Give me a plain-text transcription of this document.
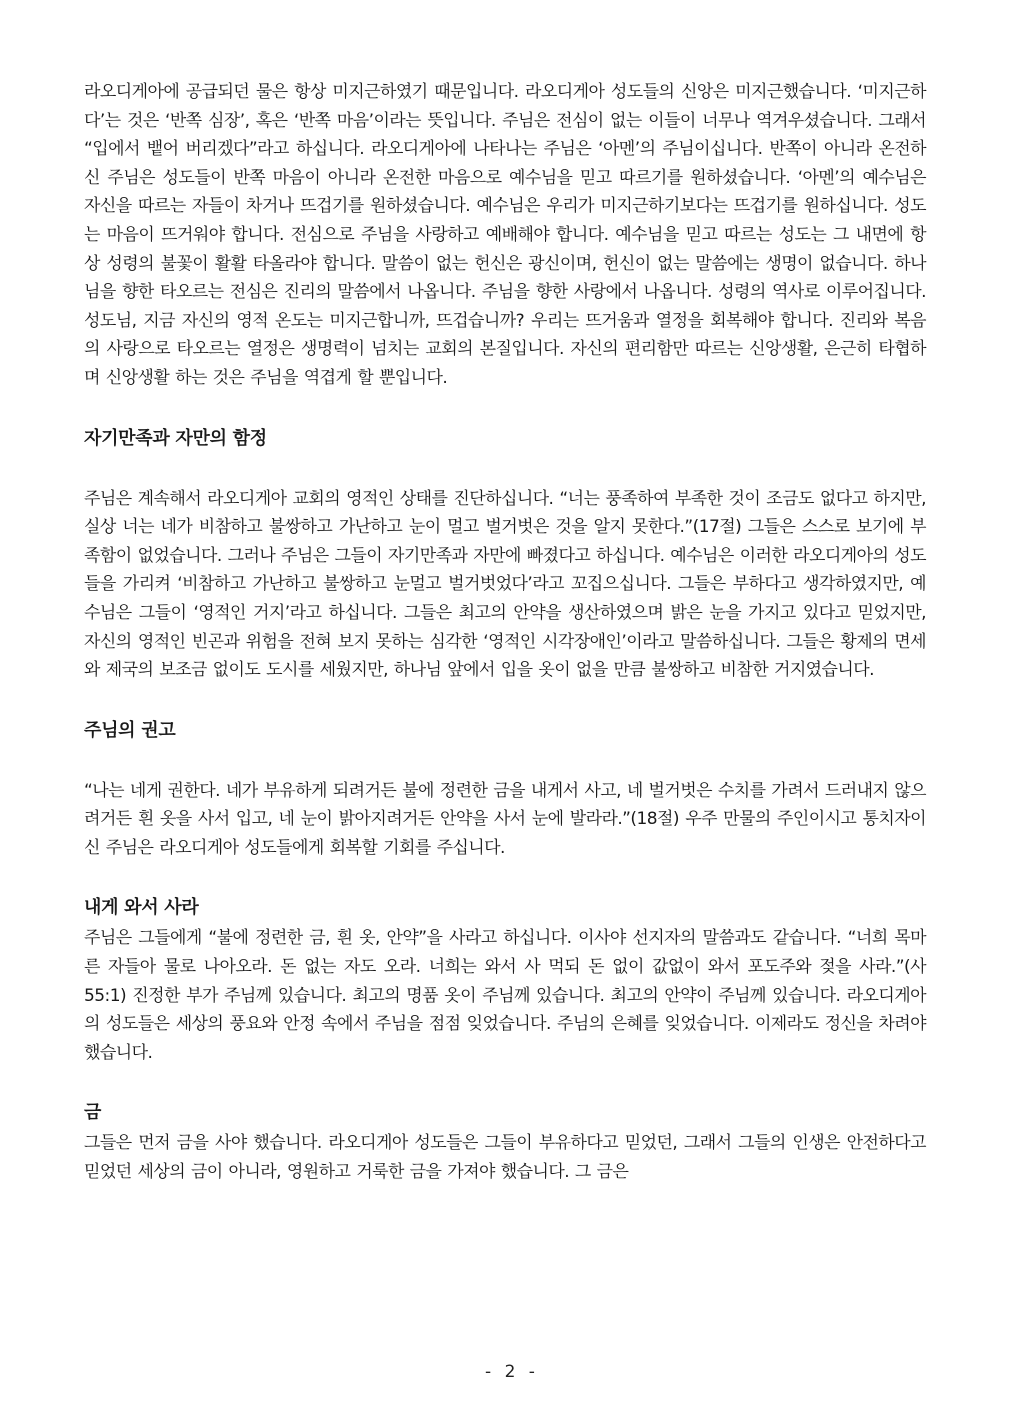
라오디게아에 공급되던 물은 항상 미지근하였기 때문입니다. 라오디게아 성도들의 신앙은 미지근했습니다. ‘미지근하다’는 것은 ‘반쪽 심장’, 혹은 ‘반쪽 마음’이라는 뜻입니다. 주님은 전심이 없는 이들이 너무나 역겨우셨습니다. 그래서 “입에서 뱉어 버리겠다”라고 하십니다. 라오디게아에 나타나는 주님은 ‘아멘’의 주님이십니다. 반쪽이 아니라 온전하신 주님은 성도들이 반쪽 마음이 아니라 온전한 마음으로 예수님을 믿고 따르기를 원하셨습니다. ‘아멘’의 예수님은 자신을 따르는 자들이 차거나 뜨겁기를 원하셨습니다. 예수님은 우리가 미지근하기보다는 뜨겁기를 원하십니다. 성도는 마음이 뜨거워야 합니다. 전심으로 주님을 사랑하고 예배해야 합니다. 예수님을 믿고 따르는 성도는 그 내면에 항상 성령의 불꽃이 활활 타올라야 합니다. 말씀이 없는 헌신은 광신이며, 헌신이 없는 말씀에는 생명이 없습니다. 하나님을 향한 타오르는 전심은 진리의 말씀에서 나옵니다. 주님을 향한 사랑에서 나옵니다. 성령의 역사로 이루어집니다. 성도님, 지금 자신의 영적 온도는 미지근합니까, 뜨겁습니까? 우리는 뜨거움과 열정을 회복해야 합니다. 진리와 복음의 사랑으로 타오르는 열정은 생명력이 넘치는 교회의 본질입니다. 자신의 편리함만 따르는 신앙생활, 은근히 타협하며 신앙생활 하는 것은 주님을 역겹게 할 뿐입니다.

자기만족과 자만의 함정

주님은 계속해서 라오디게아 교회의 영적인 상태를 진단하십니다. “너는 풍족하여 부족한 것이 조금도 없다고 하지만, 실상 너는 네가 비참하고 불쌍하고 가난하고 눈이 멀고 벌거벗은 것을 알지 못한다.”(17절) 그들은 스스로 보기에 부족함이 없었습니다. 그러나 주님은 그들이 자기만족과 자만에 빠졌다고 하십니다. 예수님은 이러한 라오디게아의 성도들을 가리켜 ‘비참하고 가난하고 불쌍하고 눈멀고 벌거벗었다’라고 꼬집으십니다. 그들은 부하다고 생각하였지만, 예수님은 그들이 ‘영적인 거지’라고 하십니다. 그들은 최고의 안약을 생산하였으며 밝은 눈을 가지고 있다고 믿었지만, 자신의 영적인 빈곤과 위험을 전혀 보지 못하는 심각한 ‘영적인 시각장애인’이라고 말씀하십니다. 그들은 황제의 면세와 제국의 보조금 없이도 도시를 세웠지만, 하나님 앞에서 입을 옷이 없을 만큼 불쌍하고 비참한 거지였습니다.

주님의 권고

“나는 네게 권한다. 네가 부유하게 되려거든 불에 정련한 금을 내게서 사고, 네 벌거벗은 수치를 가려서 드러내지 않으려거든 흰 옷을 사서 입고, 네 눈이 밝아지려거든 안약을 사서 눈에 발라라.”(18절) 우주 만물의 주인이시고 통치자이신 주님은 라오디게아 성도들에게 회복할 기회를 주십니다.

내게 와서 사라

주님은 그들에게 “불에 정련한 금, 흰 옷, 안약”을 사라고 하십니다. 이사야 선지자의 말씀과도 같습니다. “너희 목마른 자들아 물로 나아오라. 돈 없는 자도 오라. 너희는 와서 사 먹되 돈 없이 값없이 와서 포도주와 젖을 사라.”(사 55:1) 진정한 부가 주님께 있습니다. 최고의 명품 옷이 주님께 있습니다. 최고의 안약이 주님께 있습니다. 라오디게아의 성도들은 세상의 풍요와 안정 속에서 주님을 점점 잊었습니다. 주님의 은혜를 잊었습니다. 이제라도 정신을 차려야 했습니다.

금

그들은 먼저 금을 사야 했습니다. 라오디게아 성도들은 그들이 부유하다고 믿었던, 그래서 그들의 인생은 안전하다고 믿었던 세상의 금이 아니라, 영원하고 거룩한 금을 가져야 했습니다. 그 금은

- 2 -
